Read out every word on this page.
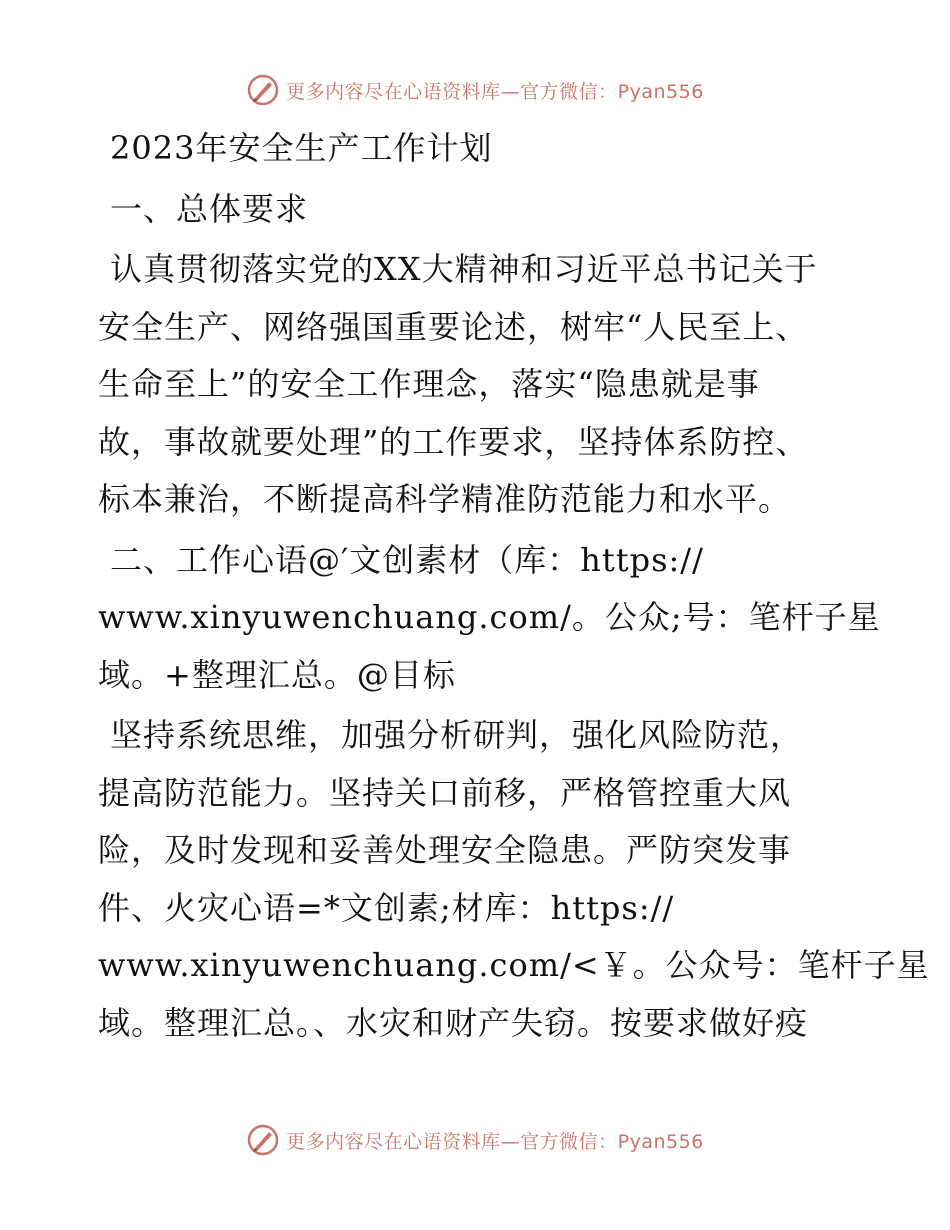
更多内容尽在心语资料库—官方微信：Pyan556
2023年安全生产工作计划
一、总体要求
认真贯彻落实党的XX大精神和习近平总书记关于
安全生产、网络强国重要论述，树牢“人民至上、
生命至上”的安全工作理念，落实“隐患就是事
故，事故就要处理”的工作要求，坚持体系防控、
标本兼治，不断提高科学精准防范能力和水平。
二、工作心语@′文创素材（库：https://
www.xinyuwenchuang.com/。公众;号：笔杆子星
域。+整理汇总。@目标
坚持系统思维，加强分析研判，强化风险防范，
提高防范能力。坚持关口前移，严格管控重大风
险，及时发现和妥善处理安全隐患。严防突发事
件、火灾心语=*文创素;材库：https://
www.xinyuwenchuang.com/<￥。公众号：笔杆子星
域。整理汇总。、水灾和财产失窃。按要求做好疫
更多内容尽在心语资料库—官方微信：Pyan556
